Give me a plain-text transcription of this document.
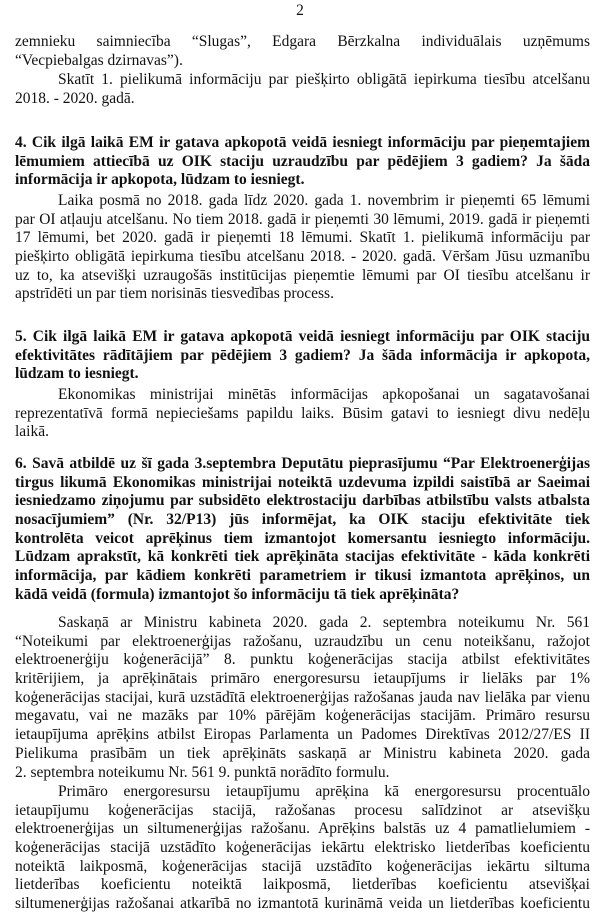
2
zemnieku saimniecība “Slugas”, Edgara Bērzkalna individuālais uzņēmums
“Vecpiebalgas dzirnavas”).
Skatīt 1. pielikumā informāciju par piešķirto obligātā iepirkuma tiesību atcelšanu
2018. - 2020. gadā.
4. Cik ilgā laikā EM ir gatava apkopotā veidā iesniegt informāciju par pieņemtajiem
lēmumiem attiecībā uz OIK staciju uzraudzību par pēdējiem 3 gadiem? Ja šāda
informācija ir apkopota, lūdzam to iesniegt.
Laika posmā no 2018. gada līdz 2020. gada 1. novembrim ir pieņemti 65 lēmumi
par OI atļauju atcelšanu. No tiem 2018. gadā ir pieņemti 30 lēmumi, 2019. gadā ir pieņemti
17 lēmumi, bet 2020. gadā ir pieņemti 18 lēmumi. Skatīt 1. pielikumā informāciju par
piešķirto obligātā iepirkuma tiesību atcelšanu 2018. - 2020. gadā. Vēršam Jūsu uzmanību
uz to, ka atsevišķi uzraugošās institūcijas pieņemtie lēmumi par OI tiesību atcelšanu ir
apstrīdēti un par tiem norisinās tiesvedības process.
5. Cik ilgā laikā EM ir gatava apkopotā veidā iesniegt informāciju par OIK staciju
efektivitātes rādītājiem par pēdējiem 3 gadiem? Ja šāda informācija ir apkopota,
lūdzam to iesniegt.
Ekonomikas ministrijai minētās informācijas apkopošanai un sagatavošanai
reprezentatīvā formā nepieciešams papildu laiks. Būsim gatavi to iesniegt divu nedēļu
laikā.
6. Savā atbildē uz šī gada 3.septembra Deputātu pieprasījumu “Par Elektroenerģijas
tirgus likumā Ekonomikas ministrijai noteiktā uzdevuma izpildi saistībā ar Saeimai
iesniedzamo ziņojumu par subsidēto elektrostaciju darbības atbilstību valsts atbalsta
nosacījumiem” (Nr. 32/P13) jūs informējat, ka OIK staciju efektivitāte tiek
kontrolēta veicot aprēķinus tiem izmantojot komersantu iesniegto informāciju.
Lūdzam aprakstīt, kā konkrēti tiek aprēķināta stacijas efektivitāte - kāda konkrēti
informācija, par kādiem konkrēti parametriem ir tikusi izmantota aprēķinos, un
kādā veidā (formula) izmantojot šo informāciju tā tiek aprēķināta?
Saskaņā ar Ministru kabineta 2020. gada 2. septembra noteikumu Nr. 561
“Noteikumi par elektroenerģijas ražošanu, uzraudzību un cenu noteikšanu, ražojot
elektroenerģiju koģenerācijā” 8. punktu koģenerācijas stacija atbilst efektivitātes
kritērijiem, ja aprēķinātais primāro energoresursu ietaupījums ir lielāks par 1%
koģenerācijas stacijai, kurā uzstādītā elektroenerģijas ražošanas jauda nav lielāka par vienu
megavatu, vai ne mazāks par 10% pārējām koģenerācijas stacijām. Primāro resursu
ietaupījuma aprēķins atbilst Eiropas Parlamenta un Padomes Direktīvas 2012/27/ES II
Pielikuma prasībām un tiek aprēķināts saskaņā ar Ministru kabineta 2020. gada
2. septembra noteikumu Nr. 561 9. punktā norādīto formulu.
Primāro energoresursu ietaupījumu aprēķina kā energoresursu procentuālo
ietaupījumu koģenerācijas stacijā, ražošanas procesu salīdzinot ar atsevišķu
elektroenerģijas un siltumenerģijas ražošanu. Aprēķins balstās uz 4 pamatlielumiem -
koģenerācijas stacijā uzstādīto koģenerācijas iekārtu elektrisko lietderības koeficientu
noteiktā laikposmā, koģenerācijas stacijā uzstādīto koģenerācijas iekārtu siltuma
lietderības koeficientu noteiktā laikposmā, lietderības koeficientu atsevišķai
siltumenerģijas ražošanai atkarībā no izmantotā kurināmā veida un lietderības koeficientu
